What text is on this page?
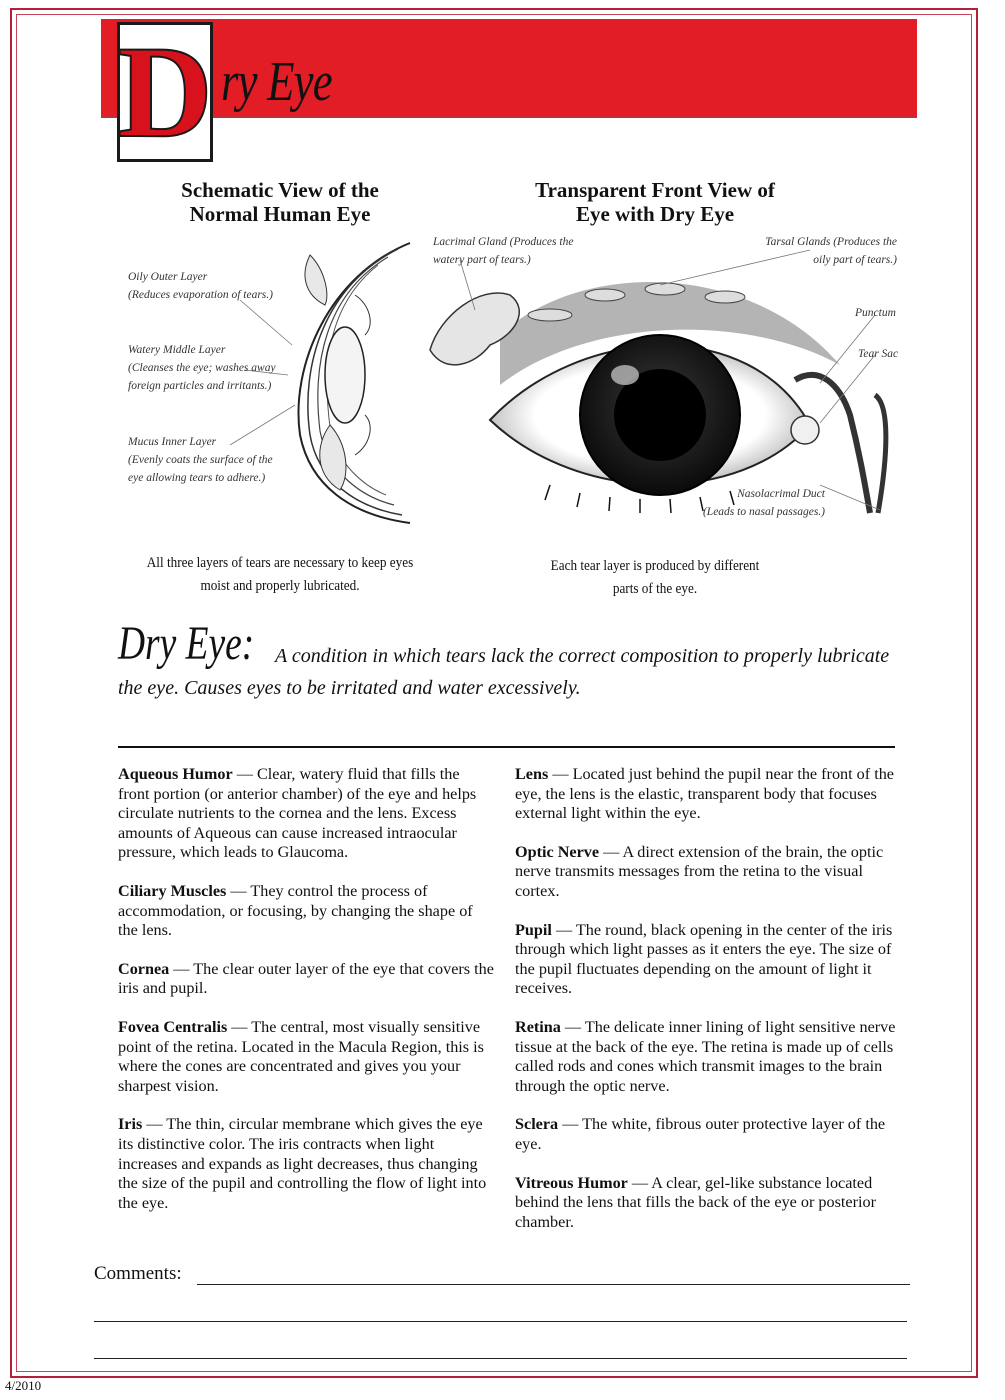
D ry Eye
Schematic View of the
Normal Human Eye
Transparent Front View of
Eye with Dry Eye
Oily Outer Layer
(Reduces evaporation of tears.)
Watery Middle Layer
(Cleanses the eye; washes away
foreign particles and irritants.)
Mucus Inner Layer
(Evenly coats the surface of the
eye allowing tears to adhere.)
Lacrimal Gland (Produces the
watery part of tears.)
Tarsal Glands (Produces the
oily part of tears.)
Punctum
Tear Sac
Nasolacrimal Duct
(Leads to nasal passages.)
All three layers of tears are necessary to keep eyes
moist and properly lubricated.
Each tear layer is produced by different
parts of the eye.
Dry Eye:	A condition in which tears lack the correct composition to properly lubricate
the eye. Causes eyes to be irritated and water excessively.
Aqueous Humor — Clear, watery fluid that fills the front portion (or anterior chamber) of the eye and helps circulate nutrients to the cornea and the lens. Excess amounts of Aqueous can cause increased intraocular pressure, which leads to Glaucoma.
Ciliary Muscles — They control the process of accommodation, or focusing, by changing the shape of the lens.
Cornea — The clear outer layer of the eye that covers the iris and pupil.
Fovea Centralis — The central, most visually sensitive point of the retina. Located in the Macula Region, this is where the cones are concentrated and gives you your sharpest vision.
Iris — The thin, circular membrane which gives the eye its distinctive color. The iris contracts when light increases and expands as light decreases, thus changing the size of the pupil and controlling the flow of light into the eye.
Lens — Located just behind the pupil near the front of the eye, the lens is the elastic, transparent body that focuses external light within the eye.
Optic Nerve — A direct extension of the brain, the optic nerve transmits messages from the retina to the visual cortex.
Pupil — The round, black opening in the center of the iris through which light passes as it enters the eye. The size of the pupil fluctuates depending on the amount of light it receives.
Retina — The delicate inner lining of light sensitive nerve tissue at the back of the eye. The retina is made up of cells called rods and cones which transmit images to the brain through the optic nerve.
Sclera — The white, fibrous outer protective layer of the eye.
Vitreous Humor — A clear, gel-like substance located behind the lens that fills the back of the eye or posterior chamber.
Comments:
4/2010
